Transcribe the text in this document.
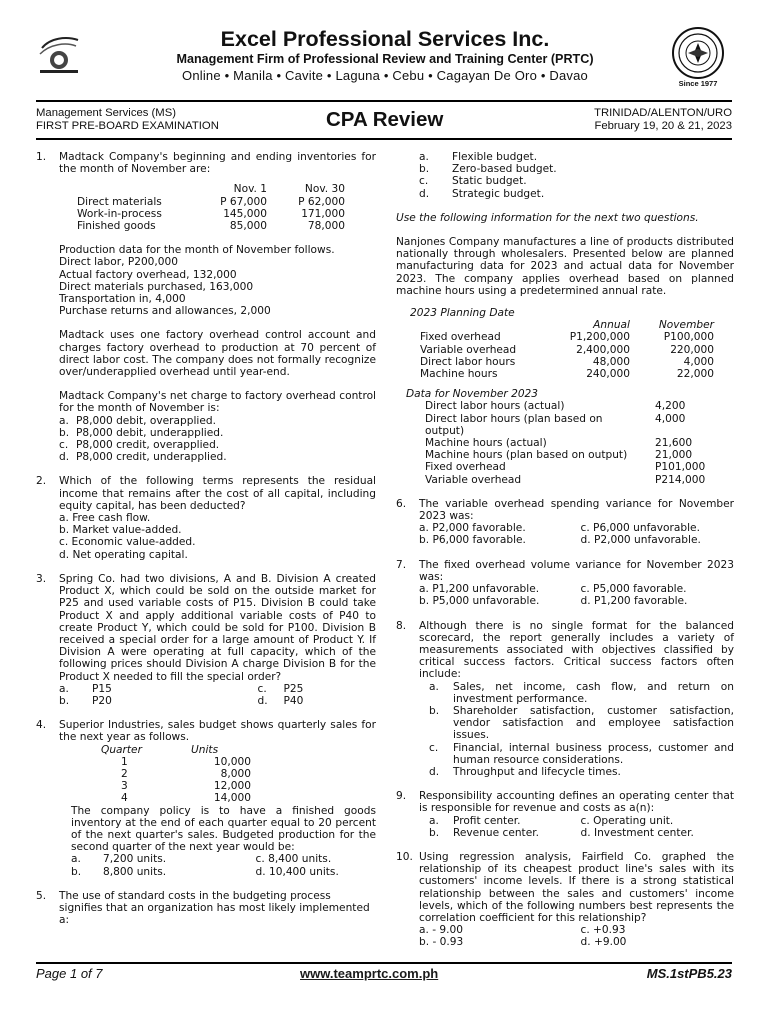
Excel Professional Services Inc.
Management Firm of Professional Review and Training Center (PRTC)
Online • Manila • Cavite • Laguna • Cebu • Cagayan De Oro • Davao
Since 1977
Management Services (MS)
FIRST PRE-BOARD EXAMINATION	CPA Review	TRINIDAD/ALENTON/URO
February 19, 20 & 21, 2023
1. Madtack Company's beginning and ending inventories for the month of November are:
	Nov. 1	Nov. 30
Direct materials	P 67,000	P 62,000
Work-in-process	145,000	171,000
Finished goods	85,000	78,000
Production data for the month of November follows.
Direct labor, P200,000
Actual factory overhead, 132,000
Direct materials purchased, 163,000
Transportation in, 4,000
Purchase returns and allowances, 2,000
Madtack uses one factory overhead control account and charges factory overhead to production at 70 percent of direct labor cost. The company does not formally recognize over/underapplied overhead until year-end.
Madtack Company's net charge to factory overhead control for the month of November is:
a. P8,000 debit, overapplied.
b. P8,000 debit, underapplied.
c. P8,000 credit, overapplied.
d. P8,000 credit, underapplied.
2. Which of the following terms represents the residual income that remains after the cost of all capital, including equity capital, has been deducted?
a. Free cash flow.
b. Market value-added.
c. Economic value-added.
d. Net operating capital.
3. Spring Co. had two divisions, A and B. Division A created Product X, which could be sold on the outside market for P25 and used variable costs of P15. Division B could take Product X and apply additional variable costs of P40 to create Product Y, which could be sold for P100. Division B received a special order for a large amount of Product Y. If Division A were operating at full capacity, which of the following prices should Division A charge Division B for the Product X needed to fill the special order?
a. P15	c. P25
b. P20	d. P40
4. Superior Industries, sales budget shows quarterly sales for the next year as follows.
Quarter	Units
1	10,000
2	8,000
3	12,000
4	14,000
The company policy is to have a finished goods inventory at the end of each quarter equal to 20 percent of the next quarter's sales. Budgeted production for the second quarter of the next year would be:
a. 7,200 units.	c. 8,400 units.
b. 8,800 units.	d. 10,400 units.
5. The use of standard costs in the budgeting process signifies that an organization has most likely implemented a:
a. Flexible budget.
b. Zero-based budget.
c. Static budget.
d. Strategic budget.
Use the following information for the next two questions.
Nanjones Company manufactures a line of products distributed nationally through wholesalers. Presented below are planned manufacturing data for 2023 and actual data for November 2023. The company applies overhead based on planned machine hours using a predetermined annual rate.
2023 Planning Date
	Annual	November
Fixed overhead	P1,200,000	P100,000
Variable overhead	2,400,000	220,000
Direct labor hours	48,000	4,000
Machine hours	240,000	22,000
Data for November 2023
Direct labor hours (actual)	4,200
Direct labor hours (plan based on output)	4,000
Machine hours (actual)	21,600
Machine hours (plan based on output)	21,000
Fixed overhead	P101,000
Variable overhead	P214,000
6. The variable overhead spending variance for November 2023 was:
a. P2,000 favorable.	c. P6,000 unfavorable.
b. P6,000 favorable.	d. P2,000 unfavorable.
7. The fixed overhead volume variance for November 2023 was:
a. P1,200 unfavorable.	c. P5,000 favorable.
b. P5,000 unfavorable.	d. P1,200 favorable.
8. Although there is no single format for the balanced scorecard, the report generally includes a variety of measurements associated with objectives classified by critical success factors. Critical success factors often include:
a. Sales, net income, cash flow, and return on investment performance.
b. Shareholder satisfaction, customer satisfaction, vendor satisfaction and employee satisfaction issues.
c. Financial, internal business process, customer and human resource considerations.
d. Throughput and lifecycle times.
9. Responsibility accounting defines an operating center that is responsible for revenue and costs as a(n):
a. Profit center.	c. Operating unit.
b. Revenue center.	d. Investment center.
10. Using regression analysis, Fairfield Co. graphed the relationship of its cheapest product line's sales with its customers' income levels. If there is a strong statistical relationship between the sales and customers' income levels, which of the following numbers best represents the correlation coefficient for this relationship?
a. - 9.00	c. +0.93
b. - 0.93	d. +9.00
Page 1 of 7	www.teamprtc.com.ph	MS.1stPB5.23
